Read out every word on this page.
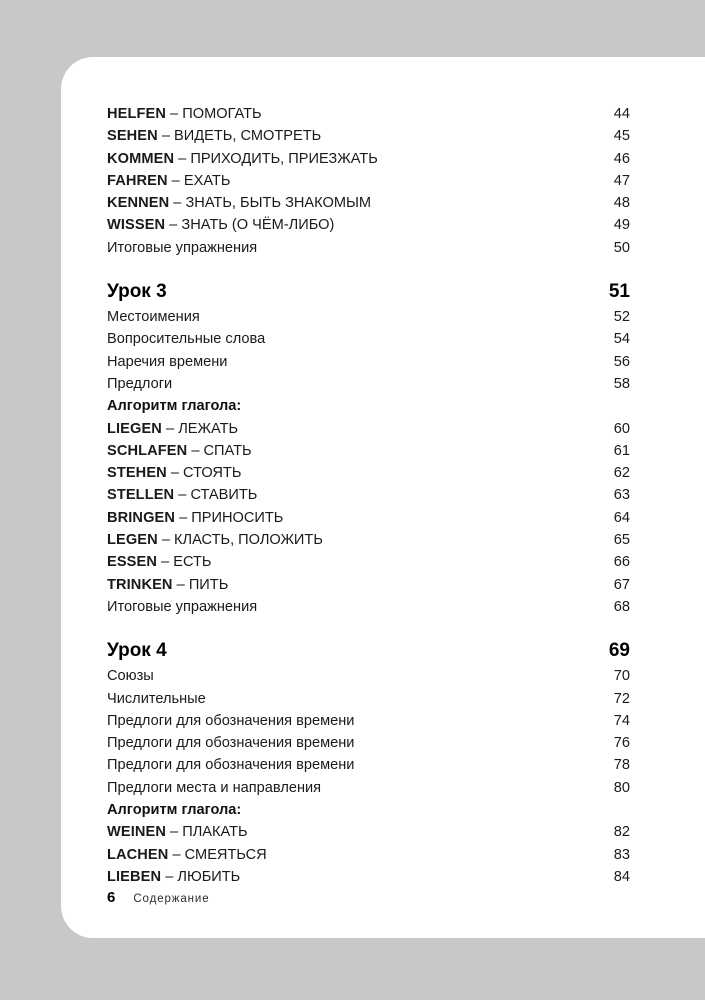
HELFEN – ПОМОГАТЬ	44
SEHEN – ВИДЕТЬ, СМОТРЕТЬ	45
KOMMEN – ПРИХОДИТЬ, ПРИЕЗЖАТЬ	46
FAHREN – ЕХАТЬ	47
KENNEN – ЗНАТЬ, БЫТЬ ЗНАКОМЫМ	48
WISSEN – ЗНАТЬ (О ЧЁМ-ЛИБО)	49
Итоговые упражнения	50
Урок 3	51
Местоимения	52
Вопросительные слова	54
Наречия времени	56
Предлоги	58
Алгоритм глагола:
LIEGEN – ЛЕЖАТЬ	60
SCHLAFEN – СПАТЬ	61
STEHEN – СТОЯТЬ	62
STELLEN – СТАВИТЬ	63
BRINGEN – ПРИНОСИТЬ	64
LEGEN – КЛАСТЬ, ПОЛОЖИТЬ	65
ESSEN – ЕСТЬ	66
TRINKEN – ПИТЬ	67
Итоговые упражнения	68
Урок 4	69
Союзы	70
Числительные	72
Предлоги для обозначения времени	74
Предлоги для обозначения времени	76
Предлоги для обозначения времени	78
Предлоги места и направления	80
Алгоритм глагола:
WEINEN – ПЛАКАТЬ	82
LACHEN – СМЕЯТЬСЯ	83
LIEBEN – ЛЮБИТЬ	84
6 Содержание
